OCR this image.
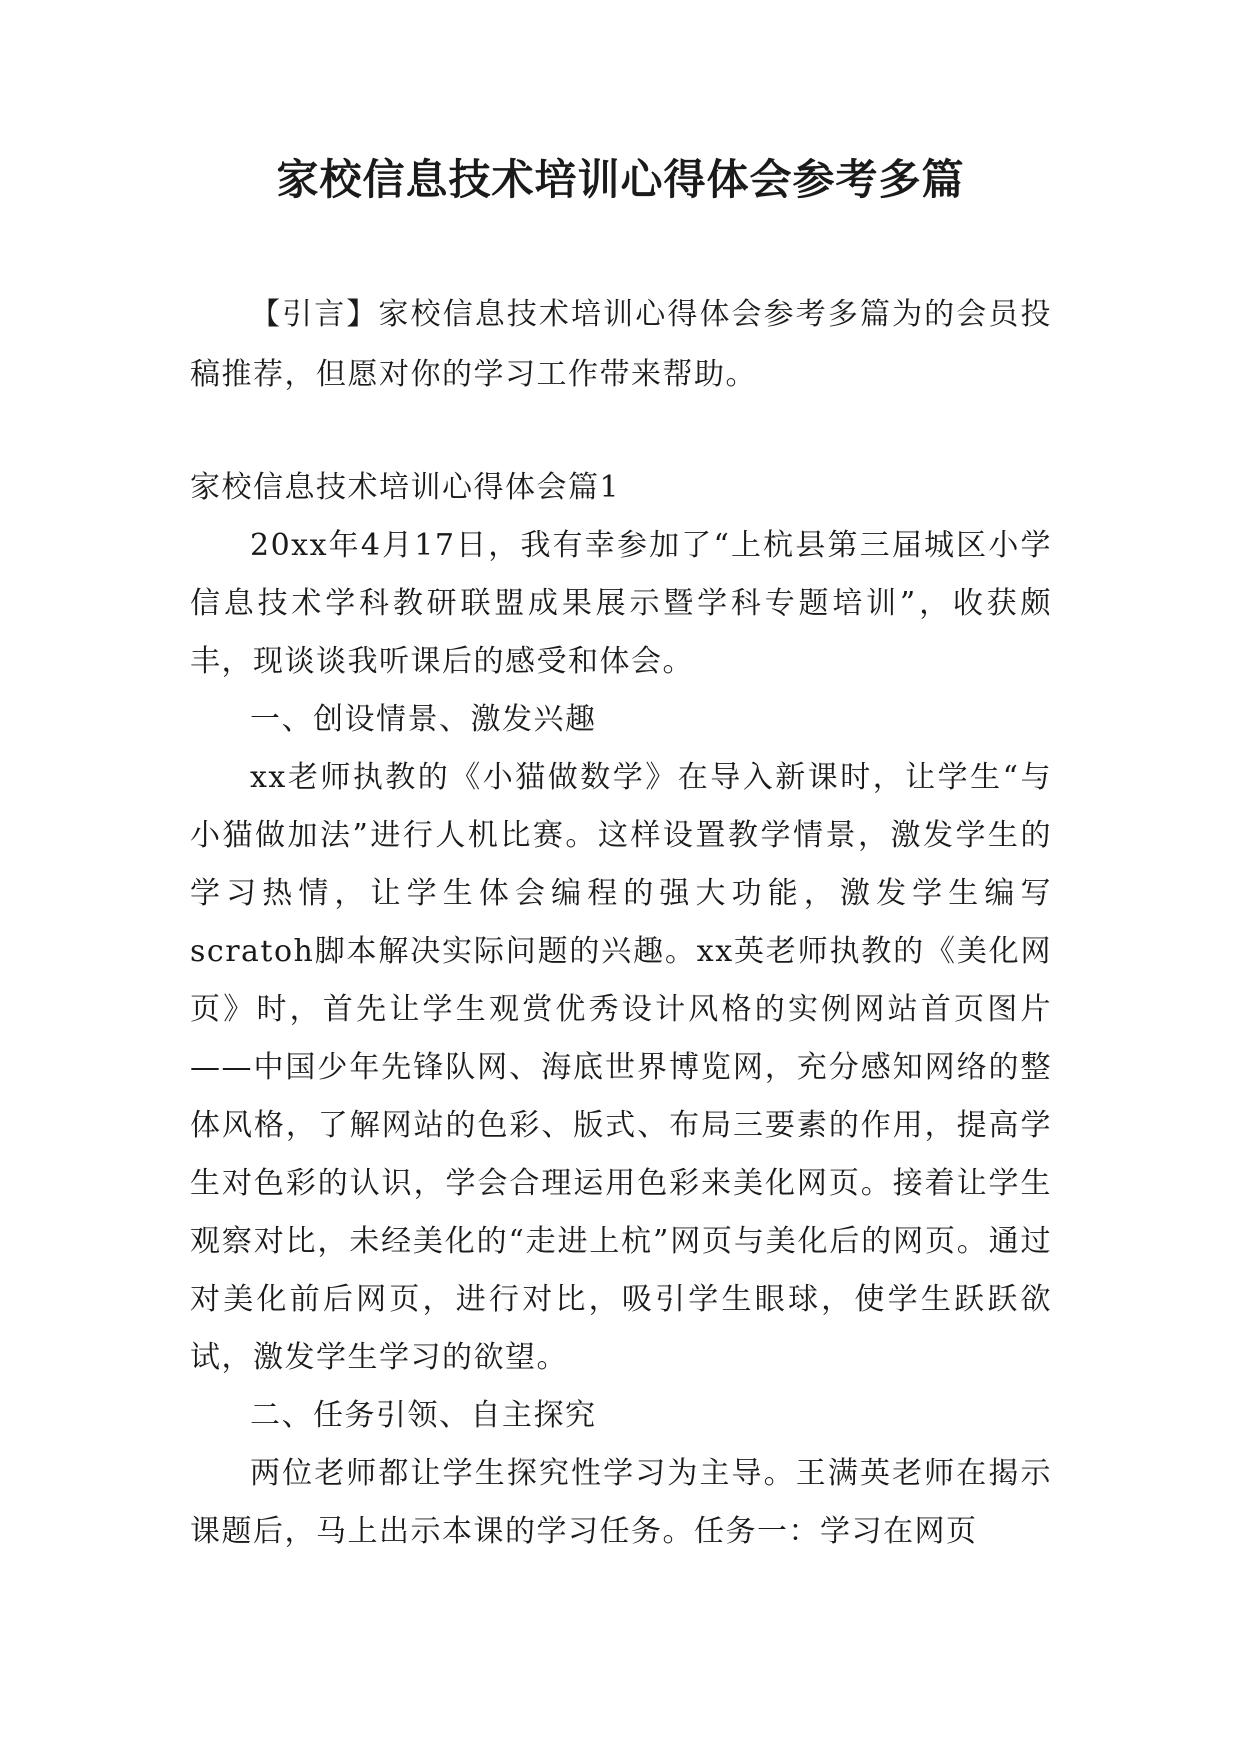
家校信息技术培训心得体会参考多篇

【引言】家校信息技术培训心得体会参考多篇为的会员投稿推荐，但愿对你的学习工作带来帮助。

家校信息技术培训心得体会篇1

20xx年4月17日，我有幸参加了“上杭县第三届城区小学信息技术学科教研联盟成果展示暨学科专题培训”，收获颇丰，现谈谈我听课后的感受和体会。

一、创设情景、激发兴趣

xx老师执教的《小猫做数学》在导入新课时，让学生“与小猫做加法”进行人机比赛。这样设置教学情景，激发学生的学习热情，让学生体会编程的强大功能，激发学生编写scratoh脚本解决实际问题的兴趣。xx英老师执教的《美化网页》时，首先让学生观赏优秀设计风格的实例网站首页图片——中国少年先锋队网、海底世界博览网，充分感知网络的整体风格，了解网站的色彩、版式、布局三要素的作用，提高学生对色彩的认识，学会合理运用色彩来美化网页。接着让学生观察对比，未经美化的“走进上杭”网页与美化后的网页。通过对美化前后网页，进行对比，吸引学生眼球，使学生跃跃欲试，激发学生学习的欲望。

二、任务引领、自主探究

两位老师都让学生探究性学习为主导。王满英老师在揭示课题后，马上出示本课的学习任务。任务一：学习在网页
